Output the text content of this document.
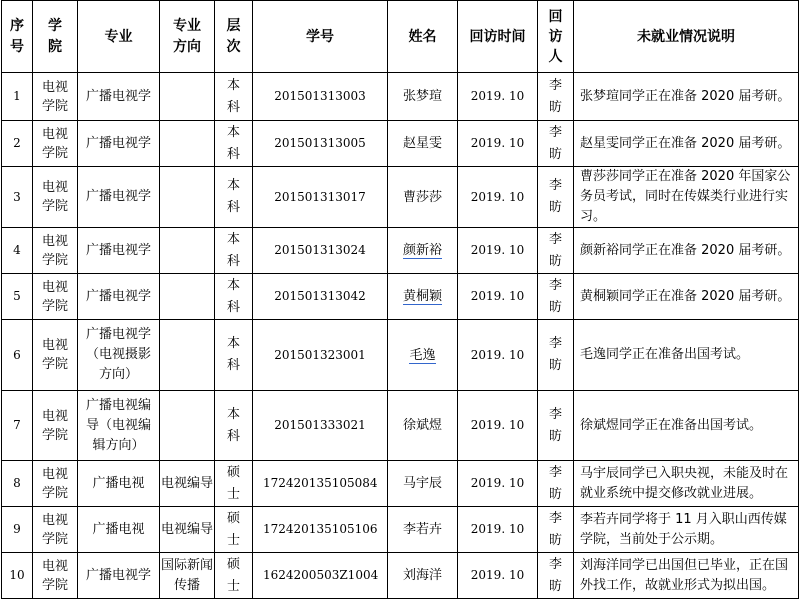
序号	学院	专业	专业方向	层次	学号	姓名	回访时间	回访人	未就业情况说明
1	电视学院	广播电视学		本科	201501313003	张梦瑄	2019. 10	李昉	张梦瑄同学正在准备 2020 届考研。
2	电视学院	广播电视学		本科	201501313005	赵星雯	2019. 10	李昉	赵星雯同学正在准备 2020 届考研。
3	电视学院	广播电视学		本科	201501313017	曹莎莎	2019. 10	李昉	曹莎莎同学正在准备 2020 年国家公务员考试，同时在传媒类行业进行实习。
4	电视学院	广播电视学		本科	201501313024	颜新裕	2019. 10	李昉	颜新裕同学正在准备 2020 届考研。
5	电视学院	广播电视学		本科	201501313042	黄桐颖	2019. 10	李昉	黄桐颖同学正在准备 2020 届考研。
6	电视学院	广播电视学（电视摄影方向）		本科	201501323001	毛逸	2019. 10	李昉	毛逸同学正在准备出国考试。
7	电视学院	广播电视编导（电视编辑方向）		本科	201501333021	徐斌煜	2019. 10	李昉	徐斌煜同学正在准备出国考试。
8	电视学院	广播电视	电视编导	硕士	172420135105084	马宇辰	2019. 10	李昉	马宇辰同学已入职央视，未能及时在就业系统中提交修改就业进展。
9	电视学院	广播电视	电视编导	硕士	172420135105106	李若卉	2019. 10	李昉	李若卉同学将于 11 月入职山西传媒学院，当前处于公示期。
10	电视学院	广播电视学	国际新闻传播	硕士	1624200503Z1004	刘海洋	2019. 10	李昉	刘海洋同学已出国但已毕业，正在国外找工作，故就业形式为拟出国。
